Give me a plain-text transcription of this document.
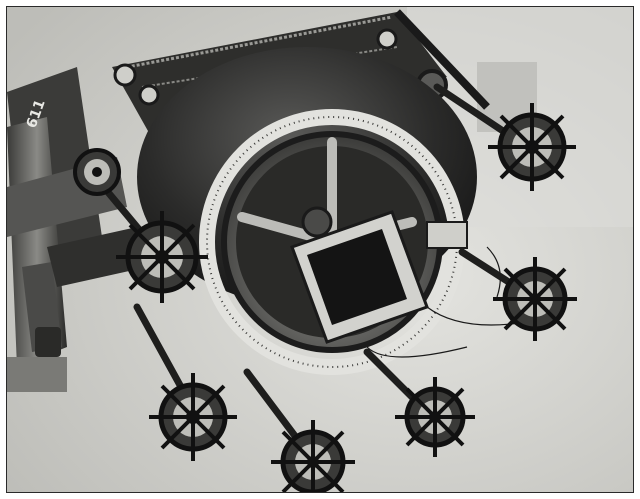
611
